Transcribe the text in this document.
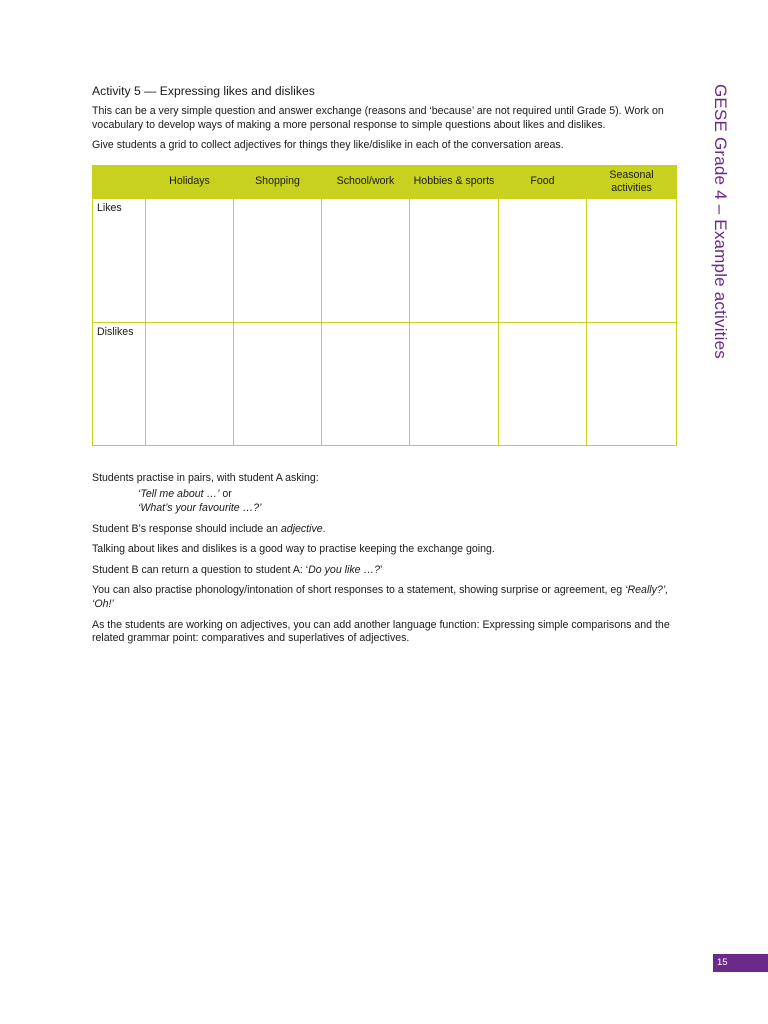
Activity 5 — Expressing likes and dislikes

This can be a very simple question and answer exchange (reasons and ‘because’ are not required until Grade 5). Work on vocabulary to develop ways of making a more personal response to simple questions about likes and dislikes.

Give students a grid to collect adjectives for things they like/dislike in each of the conversation areas.

	Holidays	Shopping	School/work	Hobbies & sports	Food	Seasonal activities
Likes						
Dislikes						

Students practise in pairs, with student A asking:

‘Tell me about …’ or

‘What’s your favourite …?’

Student B’s response should include an adjective.

Talking about likes and dislikes is a good way to practise keeping the exchange going.

Student B can return a question to student A: ‘Do you like …?’

You can also practise phonology/intonation of short responses to a statement, showing surprise or agreement, eg ‘Really?’, ‘Oh!’

As the students are working on adjectives, you can add another language function: Expressing simple comparisons and the related grammar point: comparatives and superlatives of adjectives.

GESE Grade 4 – Example activities
15
